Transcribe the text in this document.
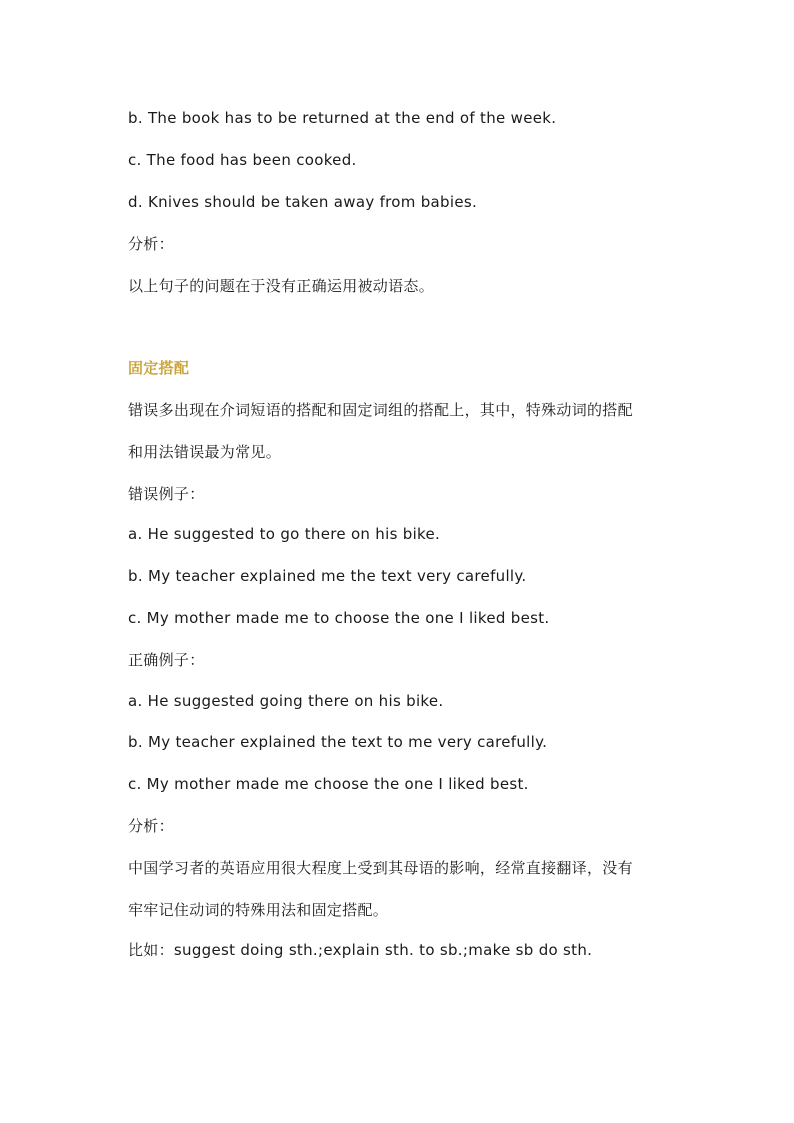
b. The book has to be returned at the end of the week.
c. The food has been cooked.
d. Knives should be taken away from babies.
分析：
以上句子的问题在于没有正确运用被动语态。
固定搭配
错误多出现在介词短语的搭配和固定词组的搭配上，其中，特殊动词的搭配
和用法错误最为常见。
错误例子：
a. He suggested to go there on his bike.
b. My teacher explained me the text very carefully.
c. My mother made me to choose the one I liked best.
正确例子：
a. He suggested going there on his bike.
b. My teacher explained the text to me very carefully.
c. My mother made me choose the one I liked best.
分析：
中国学习者的英语应用很大程度上受到其母语的影响，经常直接翻译，没有
牢牢记住动词的特殊用法和固定搭配。
比如：suggest doing sth.;explain sth. to sb.;make sb do sth.
